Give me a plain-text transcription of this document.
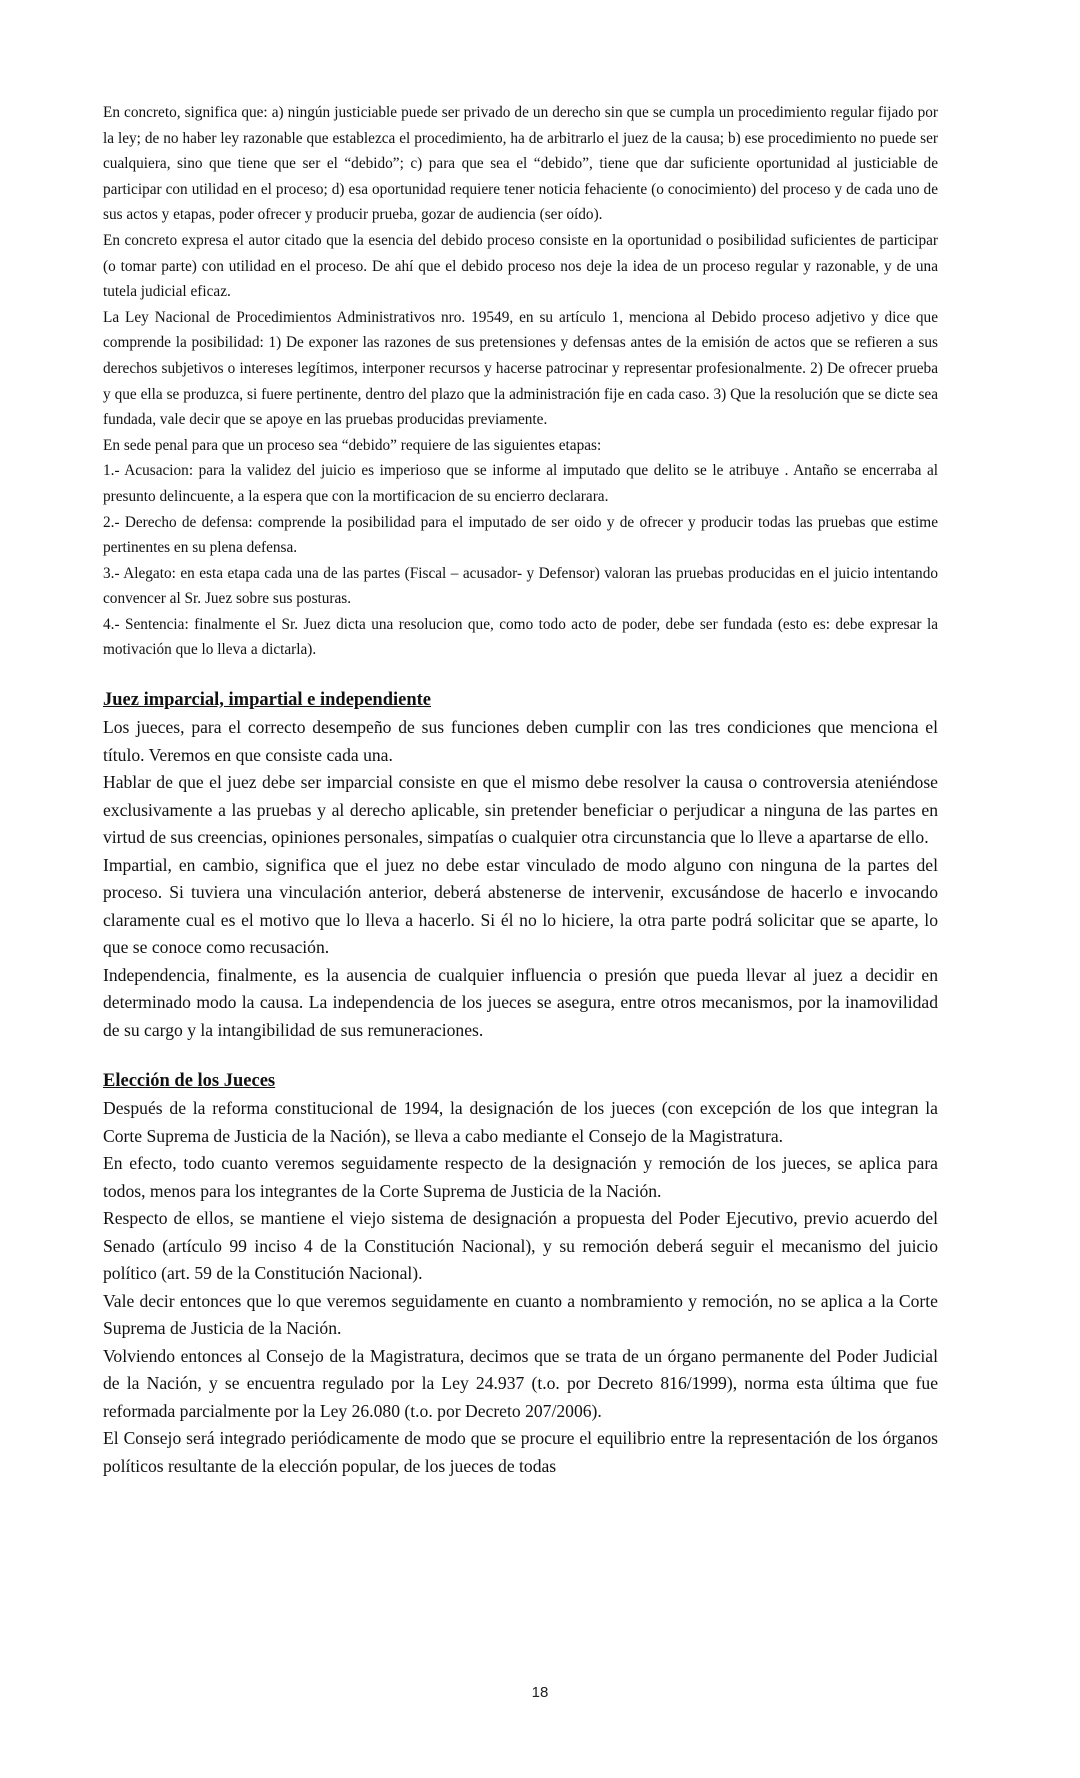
En concreto, significa que: a) ningún justiciable puede ser privado de un derecho sin que se cumpla un procedimiento regular fijado por la ley; de no haber ley razonable que establezca el procedimiento, ha de arbitrarlo el juez de la causa; b) ese procedimiento no puede ser cualquiera, sino que tiene que ser el “debido”; c) para que sea el “debido”, tiene que dar suficiente oportunidad al justiciable de participar con utilidad en el proceso; d) esa oportunidad requiere tener noticia fehaciente (o conocimiento) del proceso y de cada uno de sus actos y etapas, poder ofrecer y producir prueba, gozar de audiencia (ser oído).

En concreto expresa el autor citado que la esencia del debido proceso consiste en la oportunidad o posibilidad suficientes de participar (o tomar parte) con utilidad en el proceso. De ahí que el debido proceso nos deje la idea de un proceso regular y razonable, y de una tutela judicial eficaz.

La Ley Nacional de Procedimientos Administrativos nro. 19549, en su artículo 1, menciona al Debido proceso adjetivo y dice que comprende la posibilidad: 1) De exponer las razones de sus pretensiones y defensas antes de la emisión de actos que se refieren a sus derechos subjetivos o intereses legítimos, interponer recursos y hacerse patrocinar y representar profesionalmente. 2) De ofrecer prueba y que ella se produzca, si fuere pertinente, dentro del plazo que la administración fije en cada caso. 3) Que la resolución que se dicte sea fundada, vale decir que se apoye en las pruebas producidas previamente.

En sede penal para que un proceso sea “debido” requiere de las siguientes etapas:

1.- Acusacion: para la validez del juicio es imperioso que se informe al imputado que delito se le atribuye . Antaño se encerraba al presunto delincuente, a la espera que con la mortificacion de su encierro declarara.

2.- Derecho de defensa: comprende la posibilidad para el imputado de ser oido y de ofrecer y producir todas las pruebas que estime pertinentes en su plena defensa.

3.- Alegato: en esta etapa cada una de las partes (Fiscal – acusador- y Defensor) valoran las pruebas producidas en el juicio intentando convencer al Sr. Juez sobre sus posturas.

4.- Sentencia: finalmente el Sr. Juez dicta una resolucion que, como todo acto de poder, debe ser fundada (esto es: debe expresar la motivación que lo lleva a dictarla).

Juez imparcial, impartial e independiente

Los jueces, para el correcto desempeño de sus funciones deben cumplir con las tres condiciones que menciona el título. Veremos en que consiste cada una.

Hablar de que el juez debe ser imparcial consiste en que el mismo debe resolver la causa o controversia ateniéndose exclusivamente a las pruebas y al derecho aplicable, sin pretender beneficiar o perjudicar a ninguna de las partes en virtud de sus creencias, opiniones personales, simpatías o cualquier otra circunstancia que lo lleve a apartarse de ello.

Impartial, en cambio, significa que el juez no debe estar vinculado de modo alguno con ninguna de la partes del proceso. Si tuviera una vinculación anterior, deberá abstenerse de intervenir, excusándose de hacerlo e invocando claramente cual es el motivo que lo lleva a hacerlo. Si él no lo hiciere, la otra parte podrá solicitar que se aparte, lo que se conoce como recusación.

Independencia, finalmente, es la ausencia de cualquier influencia o presión que pueda llevar al juez a decidir en determinado modo la causa. La independencia de los jueces se asegura, entre otros mecanismos, por la inamovilidad de su cargo y la intangibilidad de sus remuneraciones.

Elección de los Jueces

Después de la reforma constitucional de 1994, la designación de los jueces (con excepción de los que integran la Corte Suprema de Justicia de la Nación), se lleva a cabo mediante el Consejo de la Magistratura.

En efecto, todo cuanto veremos seguidamente respecto de la designación y remoción de los jueces, se aplica para todos, menos para los integrantes de la Corte Suprema de Justicia de la Nación.

Respecto de ellos, se mantiene el viejo sistema de designación a propuesta del Poder Ejecutivo, previo acuerdo del Senado (artículo 99 inciso 4 de la Constitución Nacional), y su remoción deberá seguir el mecanismo del juicio político (art. 59 de la Constitución Nacional).

Vale decir entonces que lo que veremos seguidamente en cuanto a nombramiento y remoción, no se aplica a la Corte Suprema de Justicia de la Nación.

Volviendo entonces al Consejo de la Magistratura, decimos que se trata de un órgano permanente del Poder Judicial de la Nación, y se encuentra regulado por la Ley 24.937 (t.o. por Decreto 816/1999), norma esta última que fue reformada parcialmente por la Ley 26.080 (t.o. por Decreto 207/2006).

El Consejo será integrado periódicamente de modo que se procure el equilibrio entre la representación de los órganos políticos resultante de la elección popular, de los jueces de todas

18
